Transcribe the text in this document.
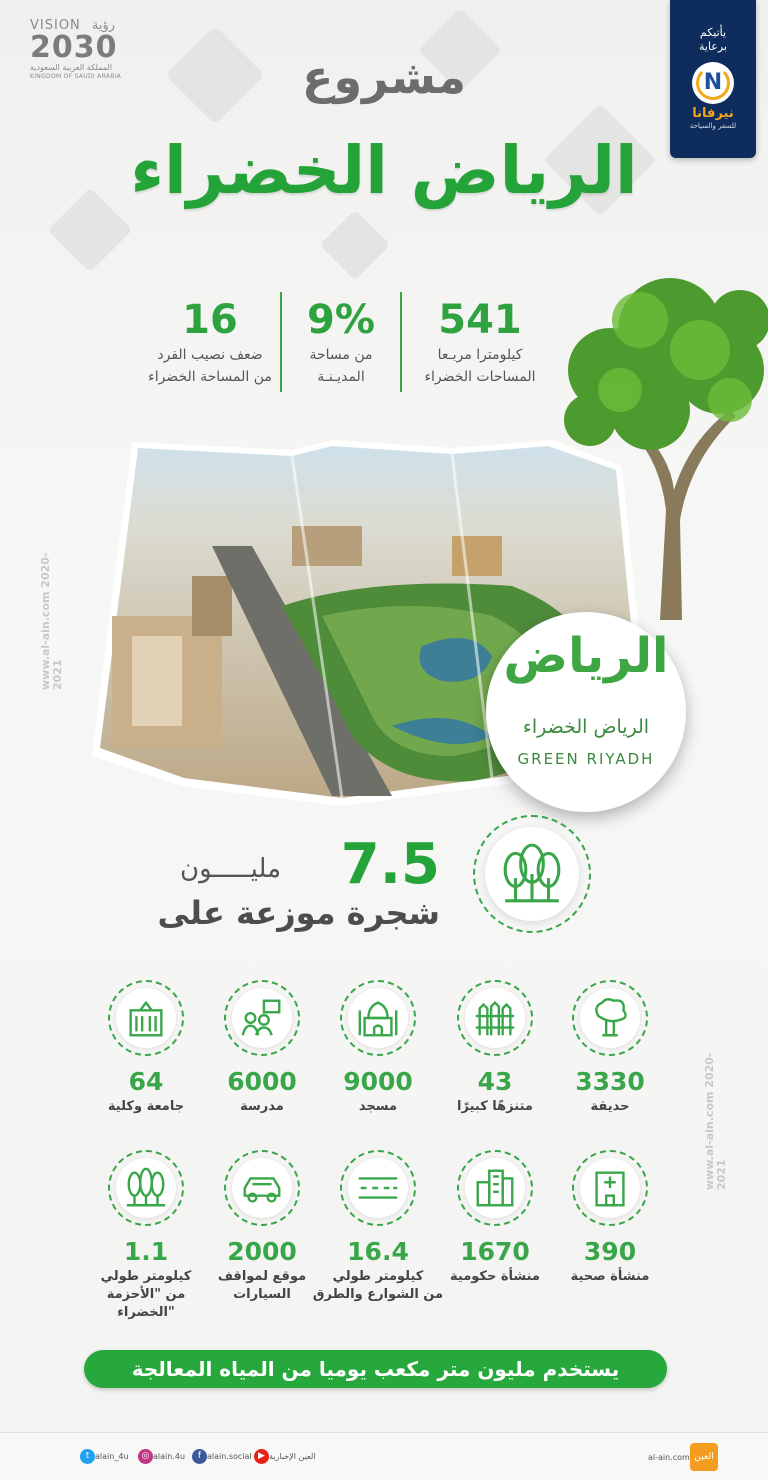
VISION رؤية
2030
المملكة العربية السعودية
KINGDOM OF SAUDI ARABIA
يأتيكم
برعاية
N
نيرفانا
للسفر والسياحة
مشروع
الرياض الخضراء
541
كيلومترا مربـعا
المساحات الخضراء
9%
من مساحة
المديـنـة
16
ضعف نصيب الفرد
من المساحة الخضراء
الرياض
الرياض الخضراء
GREEN RIYADH
7.5
مليـــــون
شجرة موزعة على
3330
حديقة
43
متنزهًا كبيرًا
9000
مسجد
6000
مدرسة
64
جامعة وكلية
390
منشأة صحية
1670
منشأة حكومية
16.4
كيلومتر طولي
من الشوارع والطرق
2000
موقع لمواقف
السيارات
1.1
كيلومتر طولي
من "الأحزمة الخضراء"
يستخدم مليون متر مكعب يوميا من المياه المعالجة
www.al-ain.com 2020-2021
www.al-ain.com 2020-2021
t alain_4u	◎ alain.4u	f alain.social ▶ العين الإخبارية	al-ain.com العين
